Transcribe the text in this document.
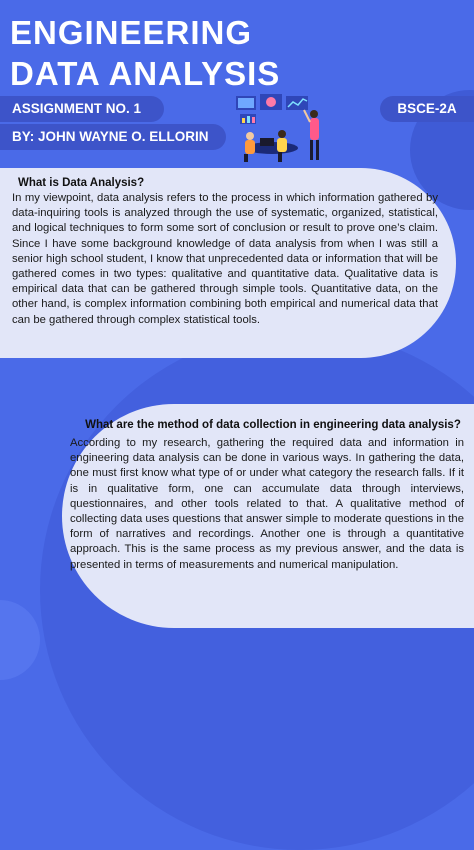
ENGINEERING
DATA ANALYSIS
ASSIGNMENT NO. 1
BY: JOHN WAYNE O. ELLORIN
BSCE-2A

What is Data Analysis?

In my viewpoint, data analysis refers to the process in which information gathered by data-inquiring tools is analyzed through the use of systematic, organized, statistical, and logical techniques to form some sort of conclusion or result to prove one’s claim. Since I have some background knowledge of data analysis from when I was still a senior high school student, I know that unprecedented data or information that will be gathered comes in two types: qualitative and quantitative data. Qualitative data is empirical data that can be gathered through simple tools. Quantitative data, on the other hand, is complex information combining both empirical and numerical data that can be gathered through complex statistical tools.

What are the method of data collection in engineering data analysis?

According to my research, gathering the required data and information in engineering data analysis can be done in various ways. In gathering the data, one must first know what type of or under what category the research falls. If it is in qualitative form, one can accumulate data through interviews, questionnaires, and other tools related to that. A qualitative method of collecting data uses questions that answer simple to moderate questions in the form of narratives and recordings. Another one is through a quantitative approach. This is the same process as my previous answer, and the data is presented in terms of measurements and numerical manipulation.
